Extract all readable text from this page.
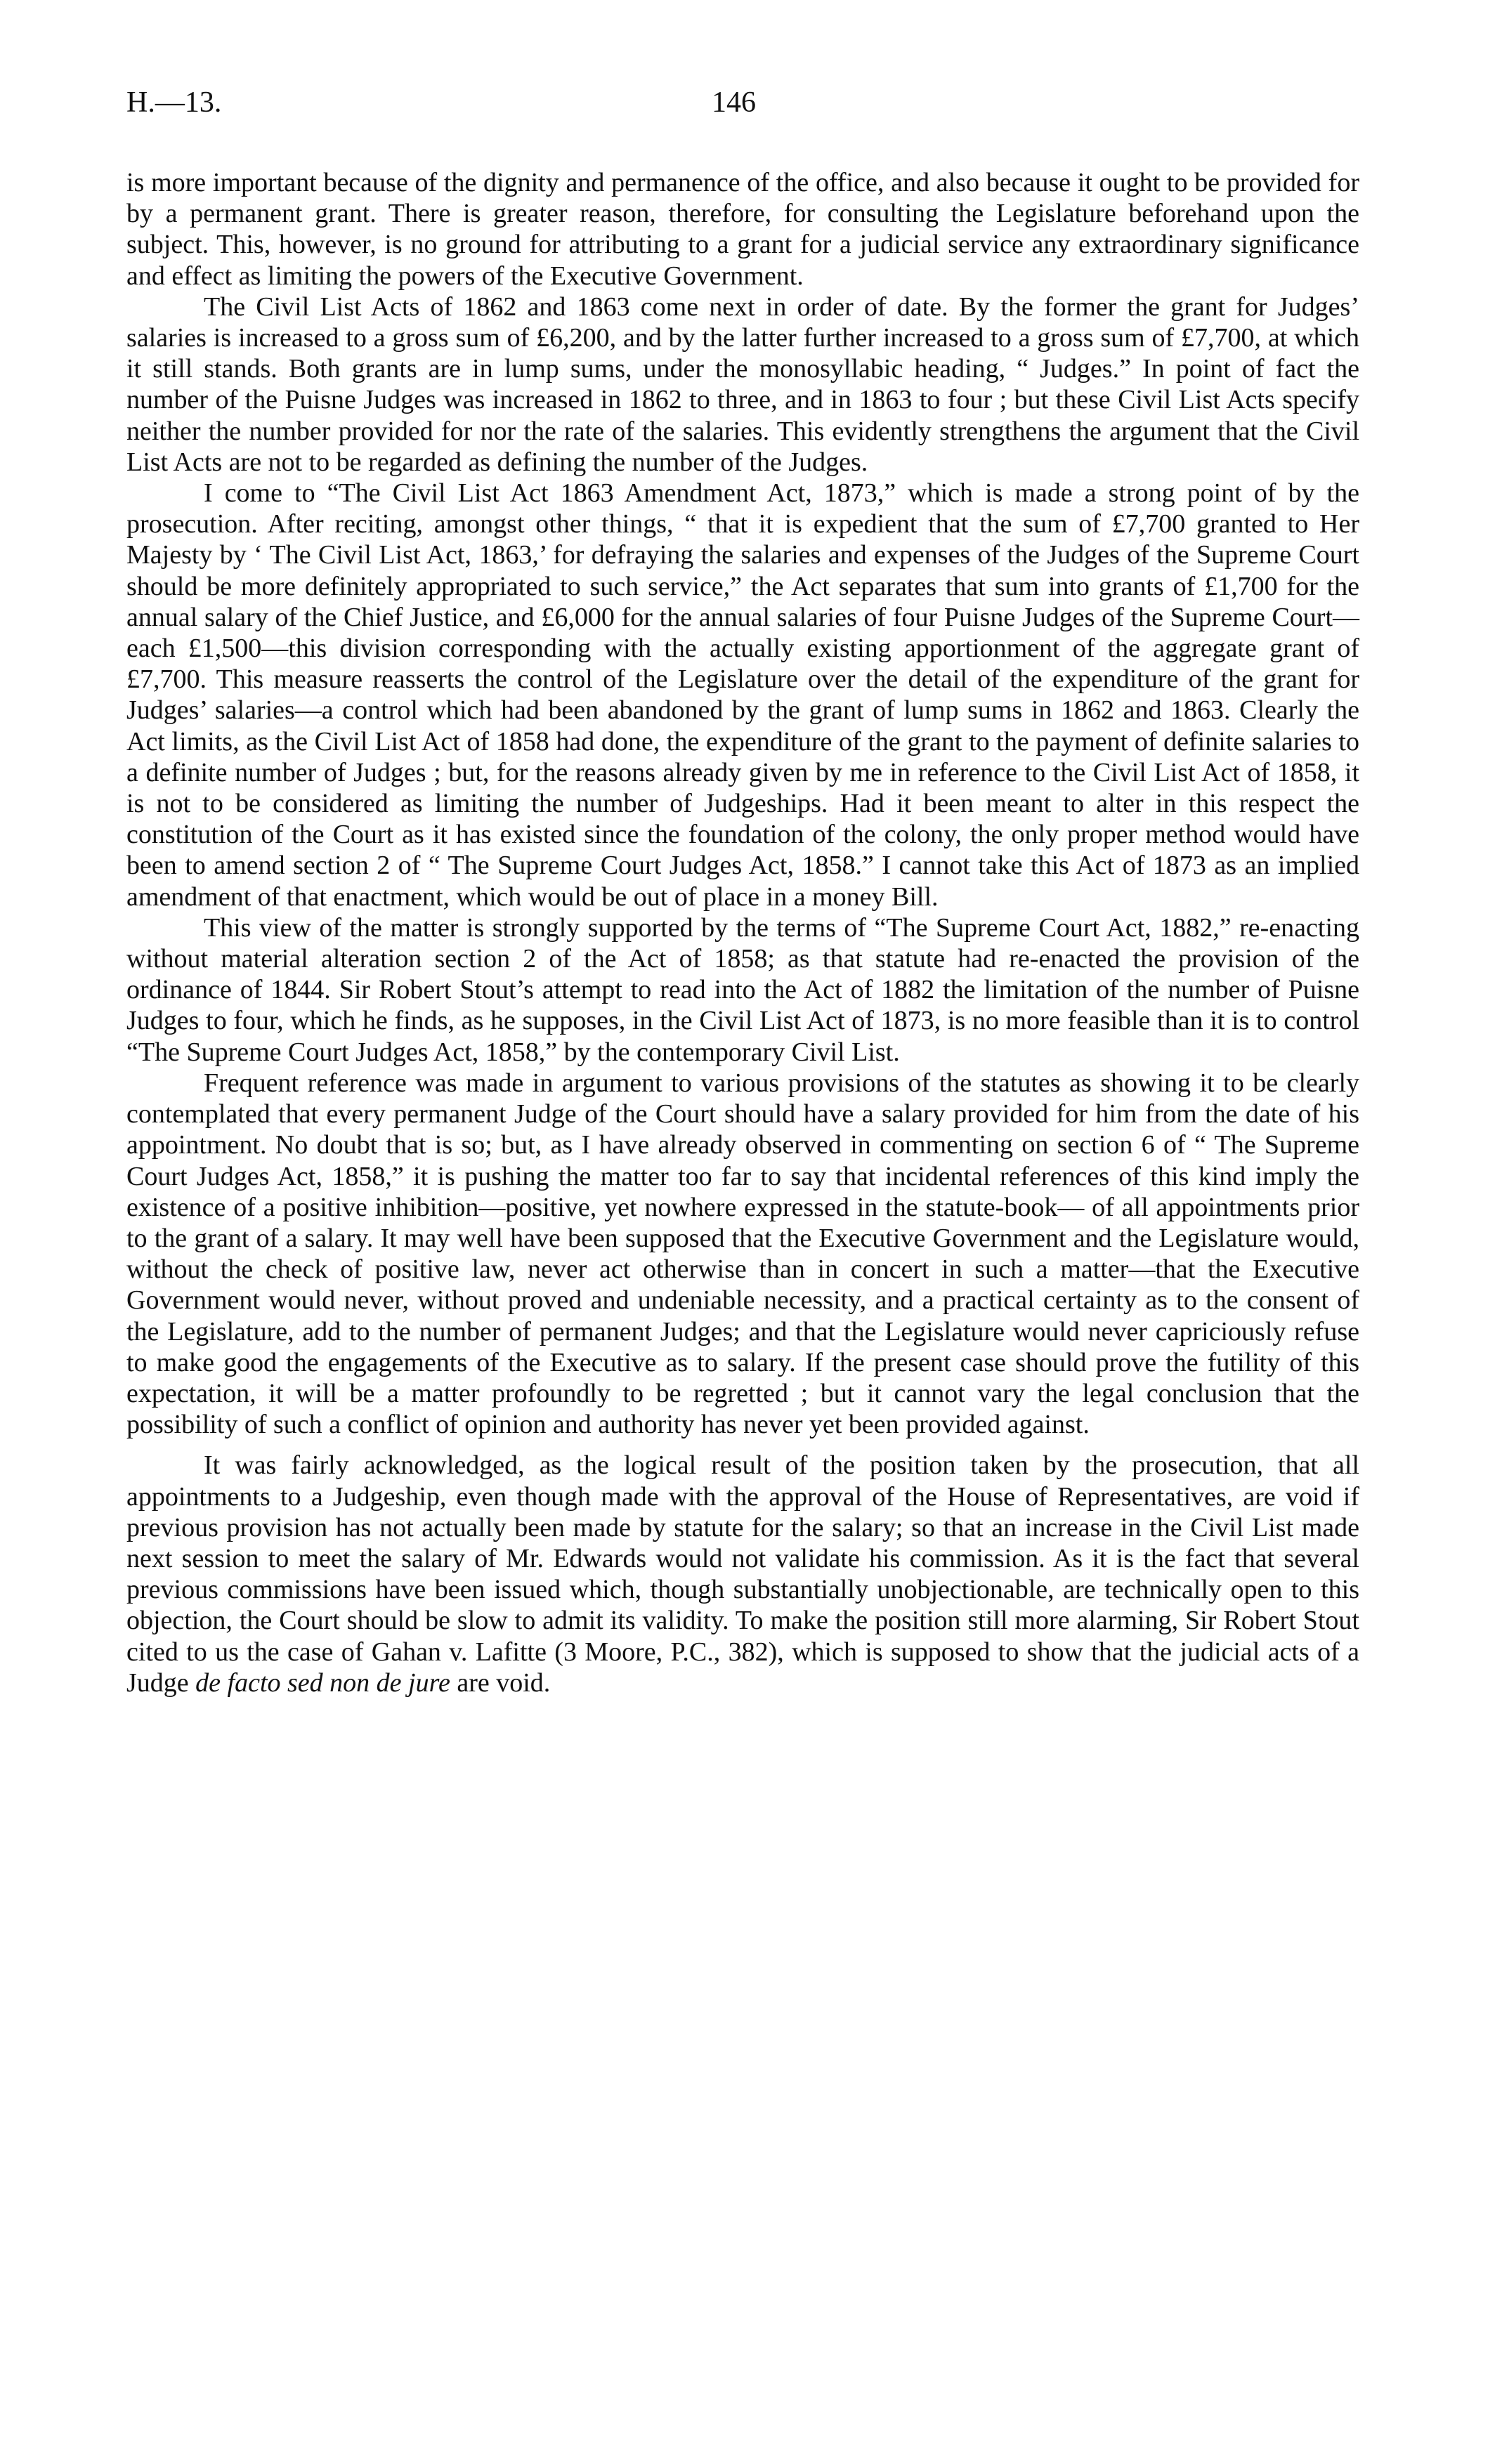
H.—13.	146

is more important because of the dignity and permanence of the office, and also because it ought to be provided for by a permanent grant. There is greater reason, therefore, for consulting the Legislature beforehand upon the subject. This, however, is no ground for attributing to a grant for a judicial service any extraordinary significance and effect as limiting the powers of the Executive Government.

The Civil List Acts of 1862 and 1863 come next in order of date. By the former the grant for Judges’ salaries is increased to a gross sum of £6,200, and by the latter further increased to a gross sum of £7,700, at which it still stands. Both grants are in lump sums, under the monosyllabic heading, “ Judges.” In point of fact the number of the Puisne Judges was increased in 1862 to three, and in 1863 to four ; but these Civil List Acts specify neither the number provided for nor the rate of the salaries. This evidently strengthens the argument that the Civil List Acts are not to be regarded as defining the number of the Judges.

I come to “The Civil List Act 1863 Amendment Act, 1873,” which is made a strong point of by the prosecution. After reciting, amongst other things, “ that it is expedient that the sum of £7,700 granted to Her Majesty by ‘ The Civil List Act, 1863,’ for defraying the salaries and expenses of the Judges of the Supreme Court should be more definitely appropriated to such service,” the Act separates that sum into grants of £1,700 for the annual salary of the Chief Justice, and £6,000 for the annual salaries of four Puisne Judges of the Supreme Court—each £1,500—this division corresponding with the actually existing apportionment of the aggregate grant of £7,700. This measure reasserts the control of the Legislature over the detail of the expenditure of the grant for Judges’ salaries—a control which had been abandoned by the grant of lump sums in 1862 and 1863. Clearly the Act limits, as the Civil List Act of 1858 had done, the expenditure of the grant to the payment of definite salaries to a definite number of Judges ; but, for the reasons already given by me in reference to the Civil List Act of 1858, it is not to be considered as limiting the number of Judgeships. Had it been meant to alter in this respect the constitution of the Court as it has existed since the foundation of the colony, the only proper method would have been to amend section 2 of “ The Supreme Court Judges Act, 1858.” I cannot take this Act of 1873 as an implied amendment of that enactment, which would be out of place in a money Bill.

This view of the matter is strongly supported by the terms of “The Supreme Court Act, 1882,” re-enacting without material alteration section 2 of the Act of 1858; as that statute had re-enacted the provision of the ordinance of 1844. Sir Robert Stout’s attempt to read into the Act of 1882 the limitation of the number of Puisne Judges to four, which he finds, as he supposes, in the Civil List Act of 1873, is no more feasible than it is to control “The Supreme Court Judges Act, 1858,” by the contemporary Civil List.

Frequent reference was made in argument to various provisions of the statutes as showing it to be clearly contemplated that every permanent Judge of the Court should have a salary provided for him from the date of his appointment. No doubt that is so; but, as I have already observed in commenting on section 6 of “ The Supreme Court Judges Act, 1858,” it is pushing the matter too far to say that incidental references of this kind imply the existence of a positive inhibition—positive, yet nowhere expressed in the statute-book— of all appointments prior to the grant of a salary. It may well have been supposed that the Executive Government and the Legislature would, without the check of positive law, never act otherwise than in concert in such a matter—that the Executive Government would never, without proved and undeniable necessity, and a practical certainty as to the consent of the Legislature, add to the number of permanent Judges; and that the Legislature would never capriciously refuse to make good the engagements of the Executive as to salary. If the present case should prove the futility of this expectation, it will be a matter profoundly to be regretted ; but it cannot vary the legal conclusion that the possibility of such a conflict of opinion and authority has never yet been provided against.

It was fairly acknowledged, as the logical result of the position taken by the prosecution, that all appointments to a Judgeship, even though made with the approval of the House of Representatives, are void if previous provision has not actually been made by statute for the salary; so that an increase in the Civil List made next session to meet the salary of Mr. Edwards would not validate his commission. As it is the fact that several previous commissions have been issued which, though substantially unobjectionable, are technically open to this objection, the Court should be slow to admit its validity. To make the position still more alarming, Sir Robert Stout cited to us the case of Gahan v. Lafitte (3 Moore, P.C., 382), which is supposed to show that the judicial acts of a Judge de facto sed non de jure are void.
